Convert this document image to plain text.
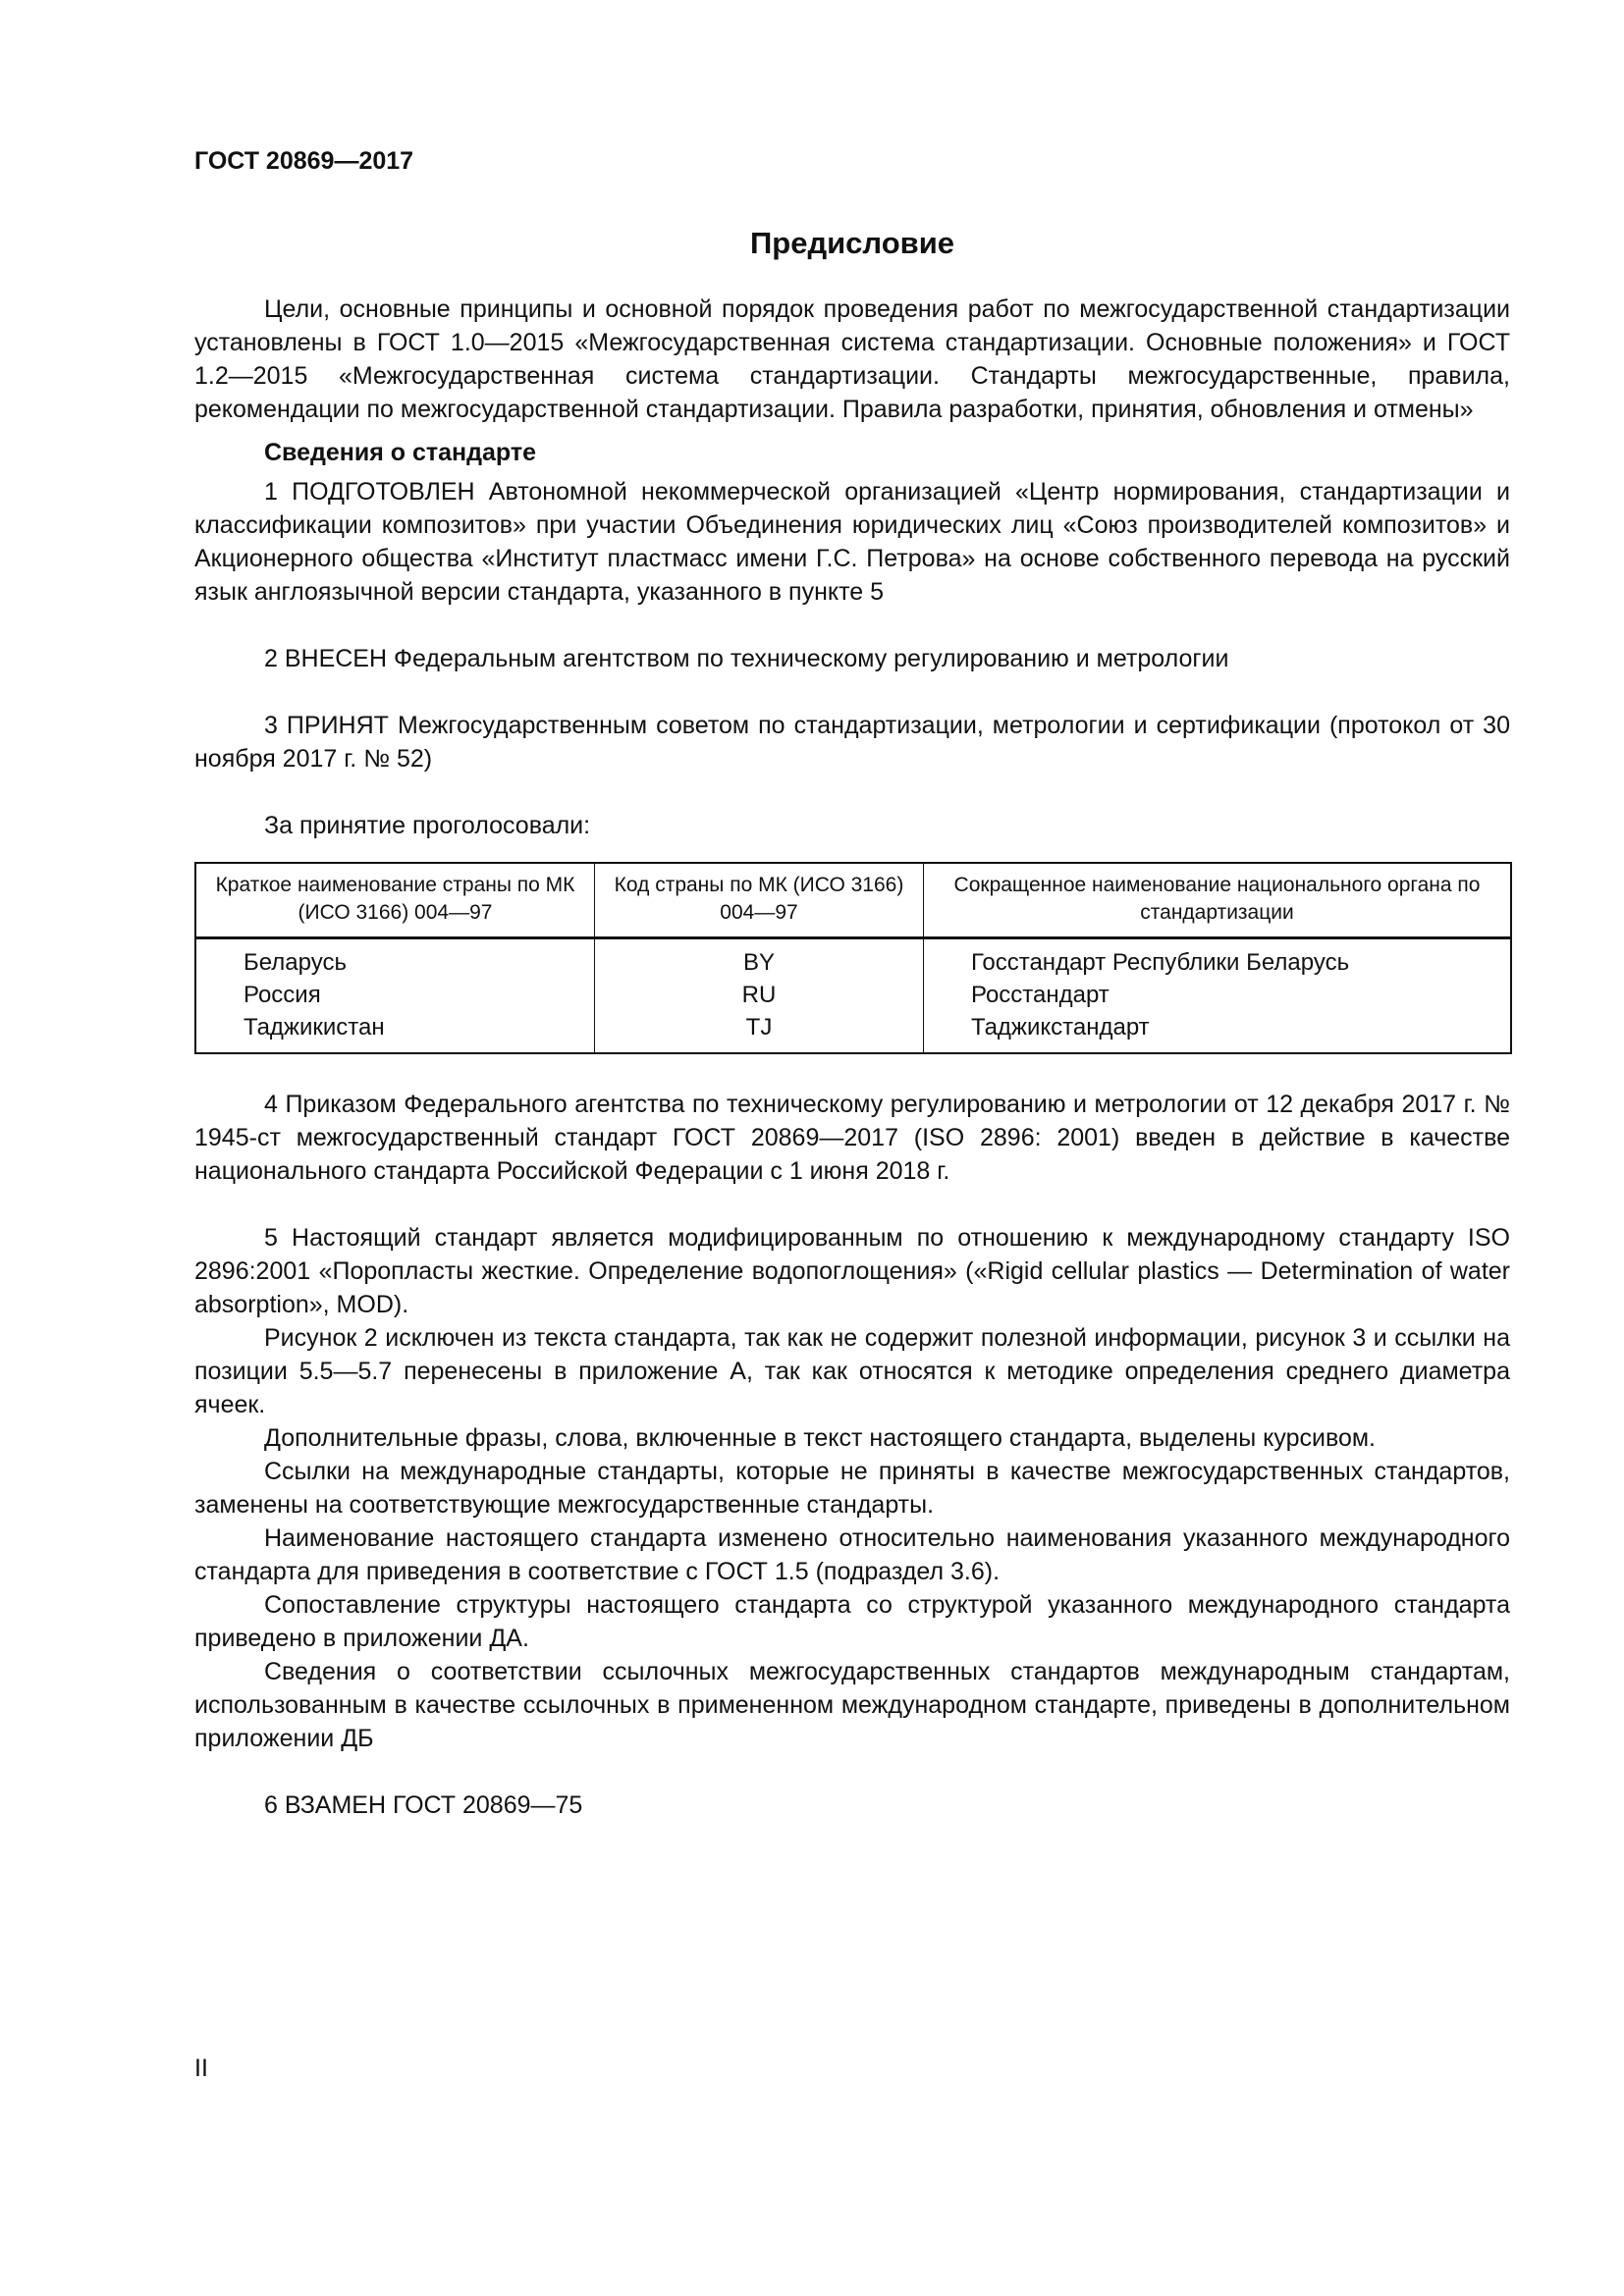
ГОСТ 20869—2017
Предисловие

Цели, основные принципы и основной порядок проведения работ по межгосударственной стандартизации установлены в ГОСТ 1.0—2015 «Межгосударственная система стандартизации. Основные положения» и ГОСТ 1.2—2015 «Межгосударственная система стандартизации. Стандарты межгосударственные, правила, рекомендации по межгосударственной стандартизации. Правила разработки, принятия, обновления и отмены»

Сведения о стандарте

1 ПОДГОТОВЛЕН Автономной некоммерческой организацией «Центр нормирования, стандартизации и классификации композитов» при участии Объединения юридических лиц «Союз производителей композитов» и Акционерного общества «Институт пластмасс имени Г.С. Петрова» на основе собственного перевода на русский язык англоязычной версии стандарта, указанного в пункте 5

2 ВНЕСЕН Федеральным агентством по техническому регулированию и метрологии

3 ПРИНЯТ Межгосударственным советом по стандартизации, метрологии и сертификации (протокол от 30 ноября 2017 г. № 52)

За принятие проголосовали:

Краткое наименование страны по МК (ИСО 3166) 004—97	Код страны по МК (ИСО 3166) 004—97	Сокращенное наименование национального органа по стандартизации
Беларусь	BY	Госстандарт Республики Беларусь
Россия	RU	Росстандарт
Таджикистан	TJ	Таджикстандарт

4 Приказом Федерального агентства по техническому регулированию и метрологии от 12 декабря 2017 г. № 1945-ст межгосударственный стандарт ГОСТ 20869—2017 (ISO 2896: 2001) введен в действие в качестве национального стандарта Российской Федерации с 1 июня 2018 г.

5 Настоящий стандарт является модифицированным по отношению к международному стандарту ISO 2896:2001 «Поропласты жесткие. Определение водопоглощения» («Rigid cellular plastics — Determination of water absorption», MOD).

Рисунок 2 исключен из текста стандарта, так как не содержит полезной информации, рисунок 3 и ссылки на позиции 5.5—5.7 перенесены в приложение А, так как относятся к методике определения среднего диаметра ячеек.

Дополнительные фразы, слова, включенные в текст настоящего стандарта, выделены курсивом.

Ссылки на международные стандарты, которые не приняты в качестве межгосударственных стандартов, заменены на соответствующие межгосударственные стандарты.

Наименование настоящего стандарта изменено относительно наименования указанного международного стандарта для приведения в соответствие с ГОСТ 1.5 (подраздел 3.6).

Сопоставление структуры настоящего стандарта со структурой указанного международного стандарта приведено в приложении ДА.

Сведения о соответствии ссылочных межгосударственных стандартов международным стандартам, использованным в качестве ссылочных в примененном международном стандарте, приведены в дополнительном приложении ДБ

6 ВЗАМЕН ГОСТ 20869—75

II
